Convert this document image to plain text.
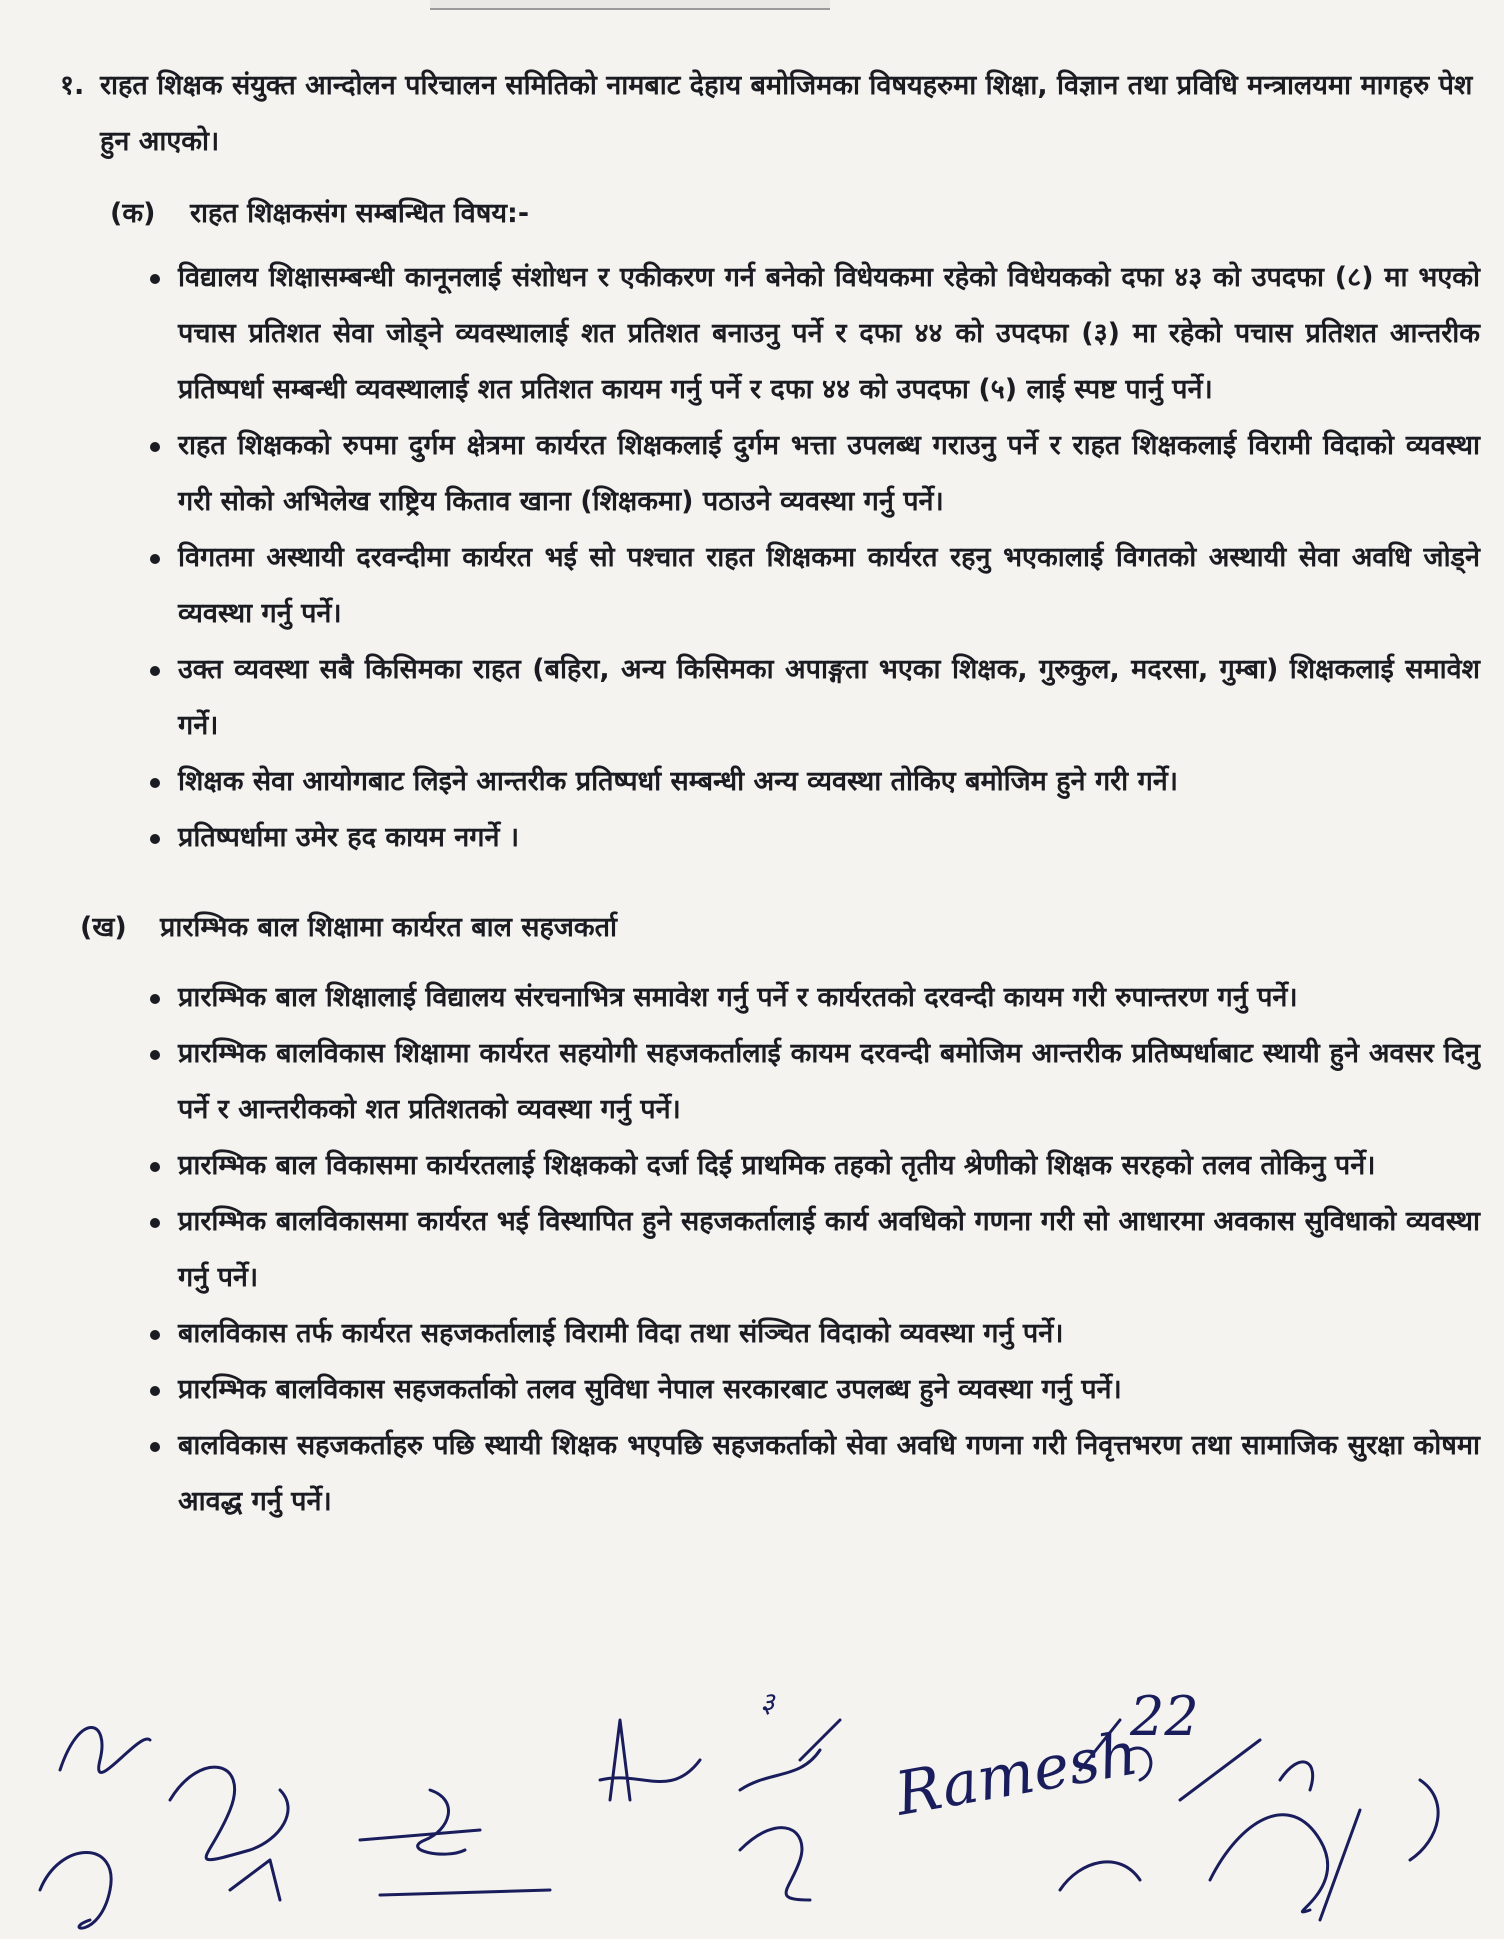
१. राहत शिक्षक संयुक्त आन्दोलन परिचालन समितिको नामबाट देहाय बमोजिमका विषयहरुमा शिक्षा, विज्ञान तथा प्रविधि मन्त्रालयमा मागहरु पेश हुन आएको।

(क) राहत शिक्षकसंग सम्बन्धित विषय:-
विद्यालय शिक्षासम्बन्धी कानूनलाई संशोधन र एकीकरण गर्न बनेको विधेयकमा रहेको विधेयकको दफा ४३ को उपदफा (८) मा भएको पचास प्रतिशत सेवा जोड्ने व्यवस्थालाई शत प्रतिशत बनाउनु पर्ने र दफा ४४ को उपदफा (३) मा रहेको पचास प्रतिशत आन्तरीक प्रतिष्पर्धा सम्बन्धी व्यवस्थालाई शत प्रतिशत कायम गर्नु पर्ने र दफा ४४ को उपदफा (५) लाई स्पष्ट पार्नु पर्ने।
राहत शिक्षकको रुपमा दुर्गम क्षेत्रमा कार्यरत शिक्षकलाई दुर्गम भत्ता उपलब्ध गराउनु पर्ने र राहत शिक्षकलाई विरामी विदाको व्यवस्था गरी सोको अभिलेख राष्ट्रिय किताव खाना (शिक्षकमा) पठाउने व्यवस्था गर्नु पर्ने।
विगतमा अस्थायी दरवन्दीमा कार्यरत भई सो पश्चात राहत शिक्षकमा कार्यरत रहनु भएकालाई विगतको अस्थायी सेवा अवधि जोड्ने व्यवस्था गर्नु पर्ने।
उक्त व्यवस्था सबै किसिमका राहत (बहिरा, अन्य किसिमका अपाङ्गता भएका शिक्षक, गुरुकुल, मदरसा, गुम्बा) शिक्षकलाई समावेश गर्ने।
शिक्षक सेवा आयोगबाट लिइने आन्तरीक प्रतिष्पर्धा सम्बन्धी अन्य व्यवस्था तोकिए बमोजिम हुने गरी गर्ने।
प्रतिष्पर्धामा उमेर हद कायम नगर्ने ।
(ख) प्रारम्भिक बाल शिक्षामा कार्यरत बाल सहजकर्ता
प्रारम्भिक बाल शिक्षालाई विद्यालय संरचनाभित्र समावेश गर्नु पर्ने र कार्यरतको दरवन्दी कायम गरी रुपान्तरण गर्नु पर्ने।
प्रारम्भिक बालविकास शिक्षामा कार्यरत सहयोगी सहजकर्तालाई कायम दरवन्दी बमोजिम आन्तरीक प्रतिष्पर्धाबाट स्थायी हुने अवसर दिनु पर्ने र आन्तरीकको शत प्रतिशतको व्यवस्था गर्नु पर्ने।
प्रारम्भिक बाल विकासमा कार्यरतलाई शिक्षकको दर्जा दिई प्राथमिक तहको तृतीय श्रेणीको शिक्षक सरहको तलव तोकिनु पर्ने।
प्रारम्भिक बालविकासमा कार्यरत भई विस्थापित हुने सहजकर्तालाई कार्य अवधिको गणना गरी सो आधारमा अवकास सुविधाको व्यवस्था गर्नु पर्ने।
बालविकास तर्फ कार्यरत सहजकर्तालाई विरामी विदा तथा संञ्चित विदाको व्यवस्था गर्नु पर्ने।
प्रारम्भिक बालविकास सहजकर्ताको तलव सुविधा नेपाल सरकारबाट उपलब्ध हुने व्यवस्था गर्नु पर्ने।
बालविकास सहजकर्ताहरु पछि स्थायी शिक्षक भएपछि सहजकर्ताको सेवा अवधि गणना गरी निवृत्तभरण तथा सामाजिक सुरक्षा कोषमा आवद्ध गर्नु पर्ने।
३	22
Ramesh
